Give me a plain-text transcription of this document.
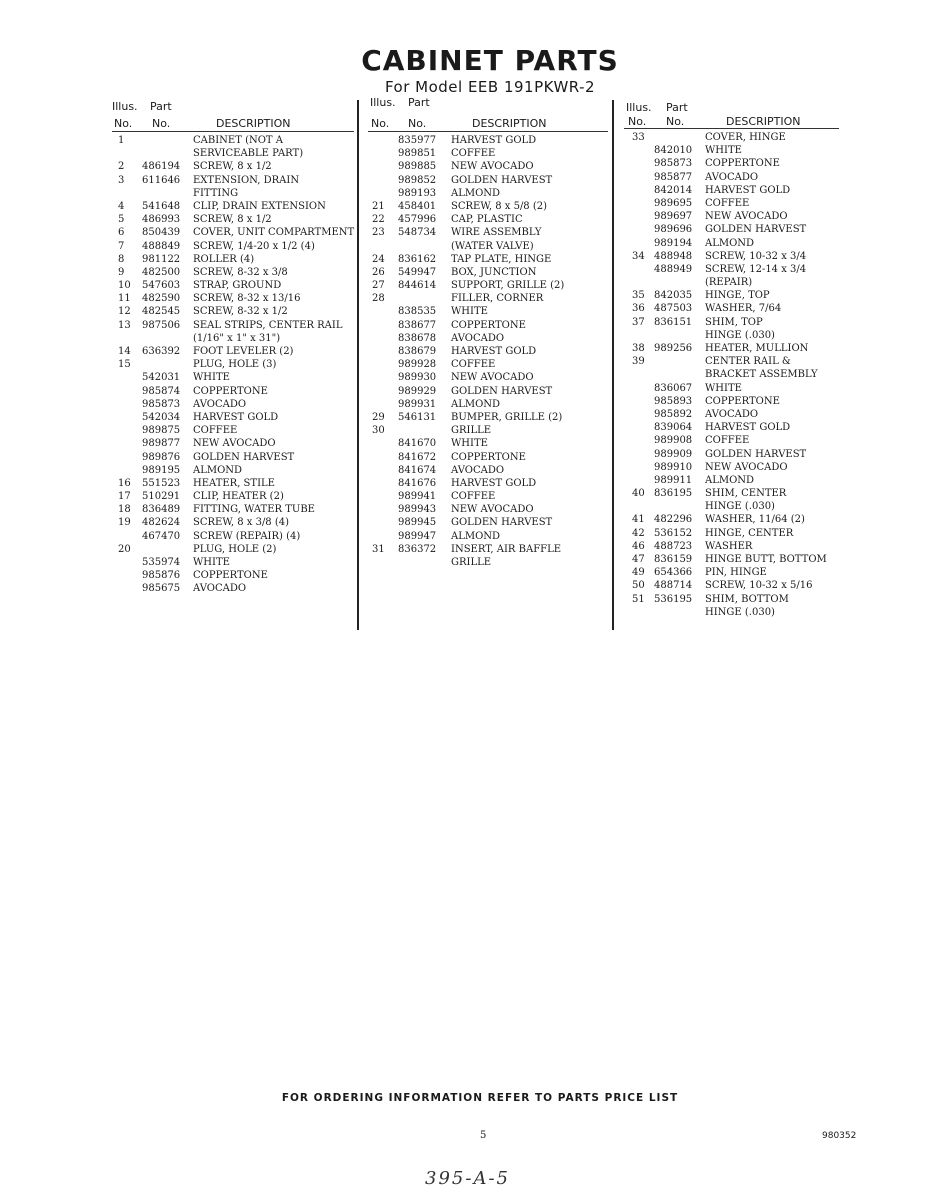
CABINET PARTS
For Model EEB 191PKWR-2
Illus. Part
No. No.	DESCRIPTION
1	CABINET (NOT A
SERVICEABLE PART)
2 486194 SCREW, 8 x 1/2
3 611646 EXTENSION, DRAIN
FITTING
4 541648 CLIP, DRAIN EXTENSION
5 486993 SCREW, 8 x 1/2
6 850439 COVER, UNIT COMPARTMENT
7 488849 SCREW, 1/4-20 x 1/2 (4)
8 981122 ROLLER (4)
9 482500 SCREW, 8-32 x 3/8
10 547603 STRAP, GROUND
11 482590 SCREW, 8-32 x 13/16
12 482545 SCREW, 8-32 x 1/2
13 987506 SEAL STRIPS, CENTER RAIL
(1/16" x 1" x 31")
14 636392 FOOT LEVELER (2)
15	PLUG, HOLE (3)
542031 WHITE
985874 COPPERTONE
985873 AVOCADO
542034 HARVEST GOLD
989875 COFFEE
989877 NEW AVOCADO
989876 GOLDEN HARVEST
989195 ALMOND
16 551523 HEATER, STILE
17 510291 CLIP, HEATER (2)
18 836489 FITTING, WATER TUBE
19 482624 SCREW, 8 x 3/8 (4)
467470 SCREW (REPAIR) (4)
20	PLUG, HOLE (2)
535974 WHITE
985876 COPPERTONE
985675 AVOCADO
Illus. Part
No. No.	DESCRIPTION
835977 HARVEST GOLD
989851 COFFEE
989885 NEW AVOCADO
989852 GOLDEN HARVEST
989193 ALMOND
21 458401 SCREW, 8 x 5/8 (2)
22 457996 CAP, PLASTIC
23 548734 WIRE ASSEMBLY
(WATER VALVE)
24 836162 TAP PLATE, HINGE
26 549947 BOX, JUNCTION
27 844614 SUPPORT, GRILLE (2)
28	FILLER, CORNER
838535 WHITE
838677 COPPERTONE
838678 AVOCADO
838679 HARVEST GOLD
989928 COFFEE
989930 NEW AVOCADO
989929 GOLDEN HARVEST
989931 ALMOND
29 546131 BUMPER, GRILLE (2)
30	GRILLE
841670 WHITE
841672 COPPERTONE
841674 AVOCADO
841676 HARVEST GOLD
989941 COFFEE
989943 NEW AVOCADO
989945 GOLDEN HARVEST
989947 ALMOND
31 836372 INSERT, AIR BAFFLE
GRILLE
Illus. Part
No. No.	DESCRIPTION
33	COVER, HINGE
842010 WHITE
985873 COPPERTONE
985877 AVOCADO
842014 HARVEST GOLD
989695 COFFEE
989697 NEW AVOCADO
989696 GOLDEN HARVEST
989194 ALMOND
34 488948 SCREW, 10-32 x 3/4
488949 SCREW, 12-14 x 3/4
(REPAIR)
35 842035 HINGE, TOP
36 487503 WASHER, 7/64
37 836151 SHIM, TOP
HINGE (.030)
38 989256 HEATER, MULLION
39	CENTER RAIL &
BRACKET ASSEMBLY
836067 WHITE
985893 COPPERTONE
985892 AVOCADO
839064 HARVEST GOLD
989908 COFFEE
989909 GOLDEN HARVEST
989910 NEW AVOCADO
989911 ALMOND
40 836195 SHIM, CENTER
HINGE (.030)
41 482296 WASHER, 11/64 (2)
42 536152 HINGE, CENTER
46 488723 WASHER
47 836159 HINGE BUTT, BOTTOM
49 654366 PIN, HINGE
50 488714 SCREW, 10-32 x 5/16
51 536195 SHIM, BOTTOM
HINGE (.030)
FOR ORDERING INFORMATION REFER TO PARTS PRICE LIST
5	980352
395-A-5
